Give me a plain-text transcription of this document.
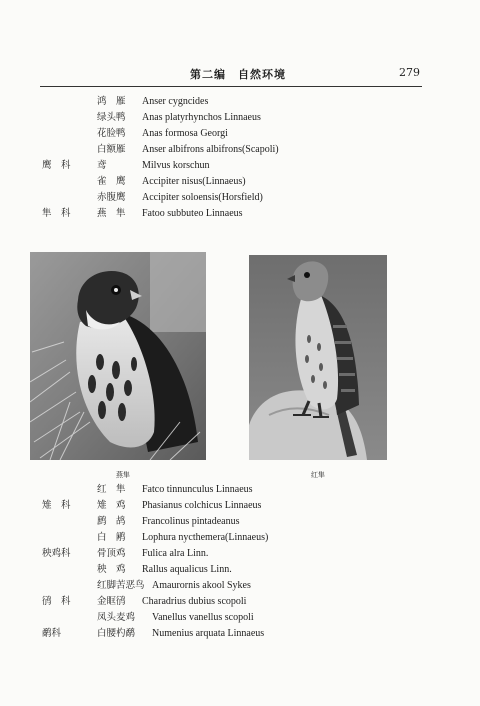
第二编　自然环境	279
鸿　雁 Anser cygncides
绿头鸭 Anas platyrhynchos Linnaeus
花脸鸭 Anas formosa Georgi
白额雁 Anser albifrons albifrons(Scapoli)
鹰　科	鸢	Milvus korschun
雀　鹰 Accipiter nisus(Linnaeus)
赤腹鹰 Accipiter soloensis(Horsfield)
隼　科	燕　隼 Fatoo subbuteo Linnaeus
燕隼	红隼
红　隼 Fatco tinnunculus Linnaeus
雉　科	雉　鸡 Phasianus colchicus Linnaeus
鹧　鸪 Francolinus pintadeanus
白　鹇 Lophura nycthemera(Linnaeus)
秧鸡科	骨顶鸡 Fulica alra Linn.
秧　鸡 Rallus aqualicus Linn.
红脚苦恶鸟 Amaurornis akool Sykes
鸻　科	金眶鸻 Charadrius dubius scopoli
凤头麦鸡 Vanellus vanellus scopoli
鹬科	白腰杓鹬 Numenius arquata Linnaeus
